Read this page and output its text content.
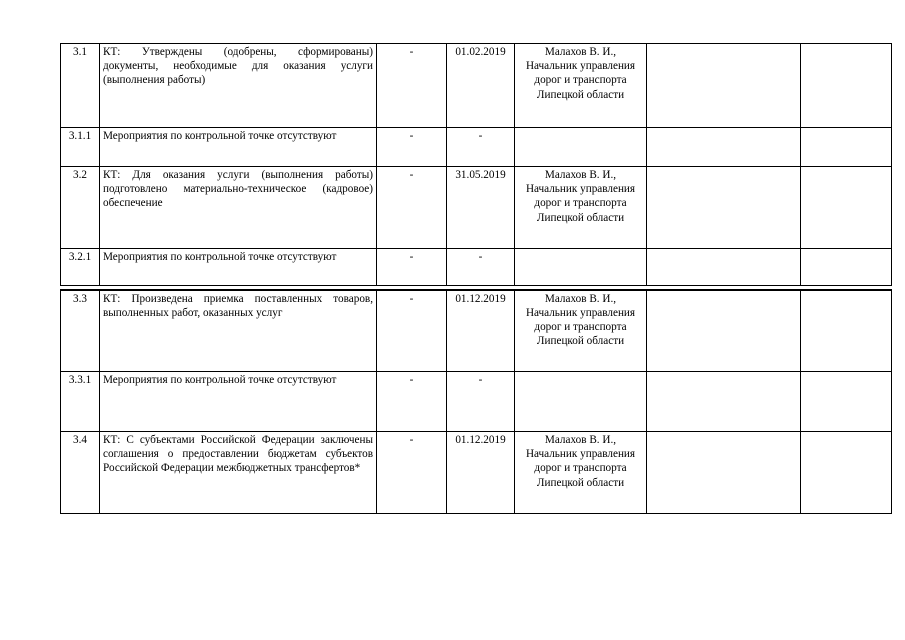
3.1	КТ: Утверждены (одобрены, сформированы) документы, необходимые для оказания услуги (выполнения работы)	-	01.02.2019	Малахов В. И., Начальник управления дорог и транспорта Липецкой области		
3.1.1	Мероприятия по контрольной точке отсутствуют	-	-			
3.2	КТ: Для оказания услуги (выполнения работы) подготовлено материально-техническое (кадровое) обеспечение	-	31.05.2019	Малахов В. И., Начальник управления дорог и транспорта Липецкой области		
3.2.1	Мероприятия по контрольной точке отсутствуют	-	-			

3.3	КТ: Произведена приемка поставленных товаров, выполненных работ, оказанных услуг	-	01.12.2019	Малахов В. И., Начальник управления дорог и транспорта Липецкой области		
3.3.1	Мероприятия по контрольной точке отсутствуют	-	-			
3.4	КТ: С субъектами Российской Федерации заключены соглашения о предоставлении бюджетам субъектов Российской Федерации межбюджетных трансфертов*	-	01.12.2019	Малахов В. И., Начальник управления дорог и транспорта Липецкой области		
